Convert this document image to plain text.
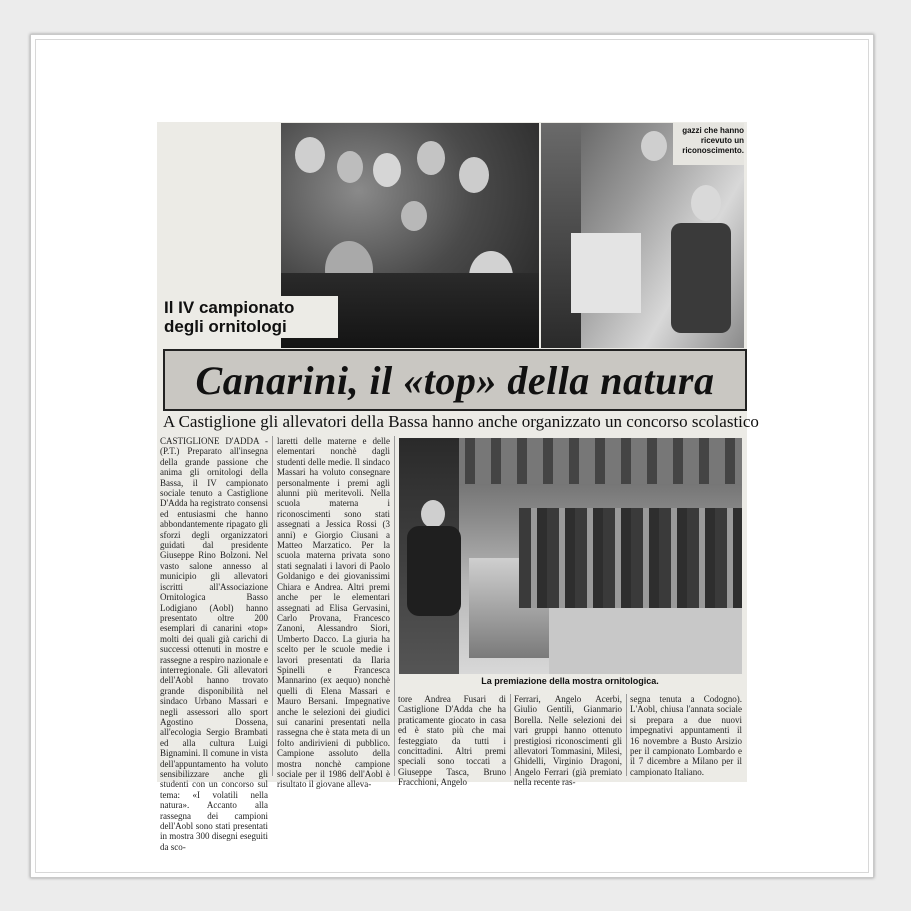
gazzi che hanno ricevuto un riconoscimento.
Il IV campionato degli ornitologi
Canarini, il «top» della natura
A Castiglione gli allevatori della Bassa hanno anche organizzato un concorso scolastico
La premiazione della mostra ornitologica.
CASTIGLIONE D'ADDA - (P.T.) Preparato all'insegna della grande passione che anima gli ornitologi della Bassa, il IV campionato sociale tenuto a Castiglione D'Adda ha registrato consensi ed entusiasmi che hanno abbondantemente ripagato gli sforzi degli organizzatori guidati dal presidente Giuseppe Rino Bolzoni. Nel vasto salone annesso al municipio gli allevatori iscritti all'Associazione Ornitologica Basso Lodigiano (Aobl) hanno presentato oltre 200 esemplari di canarini «top» molti dei quali già carichi di successi ottenuti in mostre e rassegne a respiro nazionale e interregionale. Gli allevatori dell'Aobl hanno trovato grande disponibilità nel sindaco Urbano Massari e negli assessori allo sport Agostino Dossena, all'ecologia Sergio Brambati ed alla cultura Luigi Bignamini. Il comune in vista dell'appuntamento ha voluto sensibilizzare anche gli studenti con un concorso sul tema: «I volatili nella natura». Accanto alla rassegna dei campioni dell'Aobl sono stati presentati in mostra 300 disegni eseguiti da sco-
laretti delle materne e delle elementari nonchè dagli studenti delle medie. Il sindaco Massari ha voluto consegnare personalmente i premi agli alunni più meritevoli. Nella scuola materna i riconoscimenti sono stati assegnati a Jessica Rossi (3 anni) e Giorgio Ciusani a Matteo Marzatico. Per la scuola materna privata sono stati segnalati i lavori di Paolo Goldanigo e dei giovanissimi Chiara e Andrea. Altri premi anche per le elementari assegnati ad Elisa Gervasini, Carlo Provana, Francesco Zanoni, Alessandro Siori, Umberto Dacco. La giuria ha scelto per le scuole medie i lavori presentati da Ilaria Spinelli e Francesca Mannarino (ex aequo) nonchè quelli di Elena Massari e Mauro Bersani. Impegnative anche le selezioni dei giudici sui canarini presentati nella rassegna che è stata meta di un folto andirivieni di pubblico. Campione assoluto della mostra nonchè campione sociale per il 1986 dell'Aobl è risultato il giovane alleva-
tore Andrea Fusari di Castiglione D'Adda che ha praticamente giocato in casa ed è stato più che mai festeggiato da tutti i concittadini. Altri premi speciali sono toccati a Giuseppe Tasca, Bruno Fracchioni, Angelo
Ferrari, Angelo Acerbi, Giulio Gentili, Gianmario Borella. Nelle selezioni dei vari gruppi hanno ottenuto prestigiosi riconoscimenti gli allevatori Tommasini, Milesi, Ghidelli, Virginio Dragoni, Angelo Ferrari (già premiato nella recente ras-
segna tenuta a Codogno). L'Aobl, chiusa l'annata sociale si prepara a due nuovi impegnativi appuntamenti il 16 novembre a Busto Arsizio per il campionato Lombardo e il 7 dicembre a Milano per il campionato Italiano.
